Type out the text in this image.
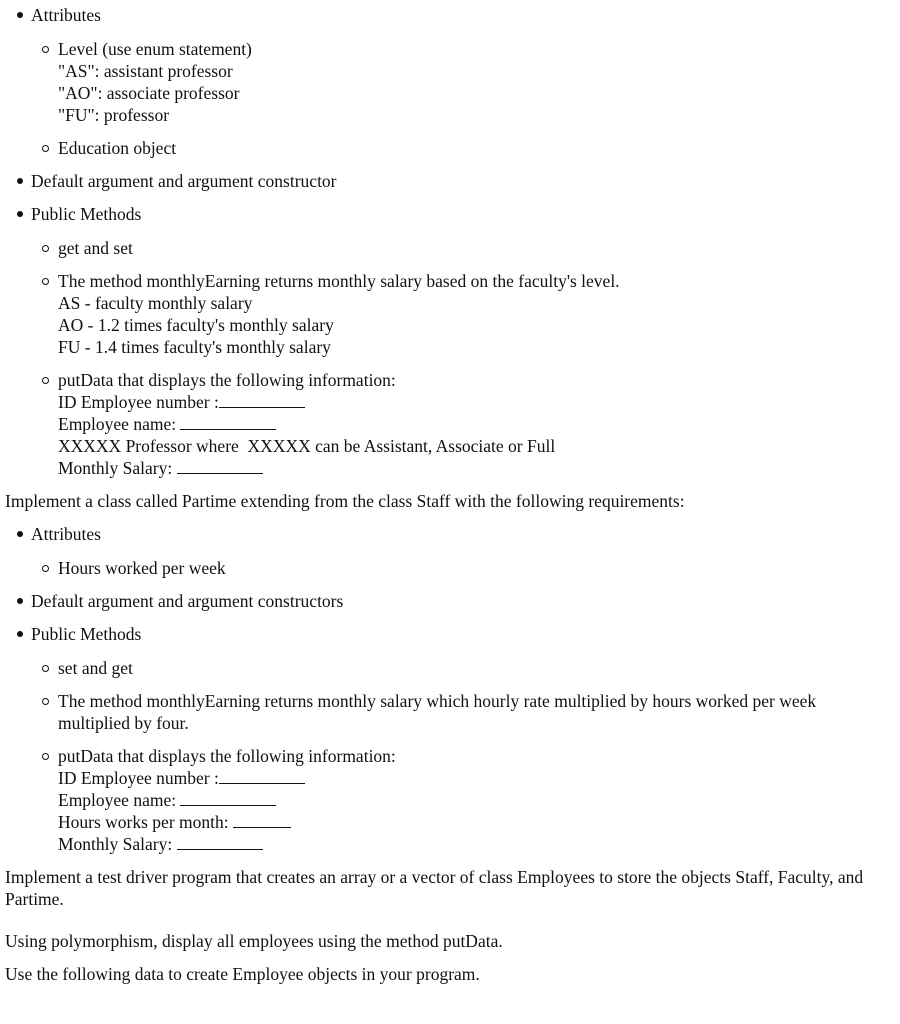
Attributes
Level (use enum statement)
"AS": assistant professor
"AO": associate professor
"FU": professor
Education object
Default argument and argument constructor
Public Methods
get and set
The method monthlyEarning returns monthly salary based on the faculty's level.
AS - faculty monthly salary
AO - 1.2 times faculty's monthly salary
FU - 1.4 times faculty's monthly salary
putData that displays the following information:
ID Employee number :
Employee name:
XXXXX Professor where  XXXXX can be Assistant, Associate or Full
Monthly Salary:

Implement a class called Partime extending from the class Staff with the following requirements:

Attributes
Hours worked per week
Default argument and argument constructors
Public Methods
set and get
The method monthlyEarning returns monthly salary which hourly rate multiplied by hours worked per week multiplied by four.
putData that displays the following information:
ID Employee number :
Employee name:
Hours works per month:
Monthly Salary:

Implement a test driver program that creates an array or a vector of class Employees to store the objects Staff, Faculty, and Partime.

Using polymorphism, display all employees using the method putData.

Use the following data to create Employee objects in your program.
